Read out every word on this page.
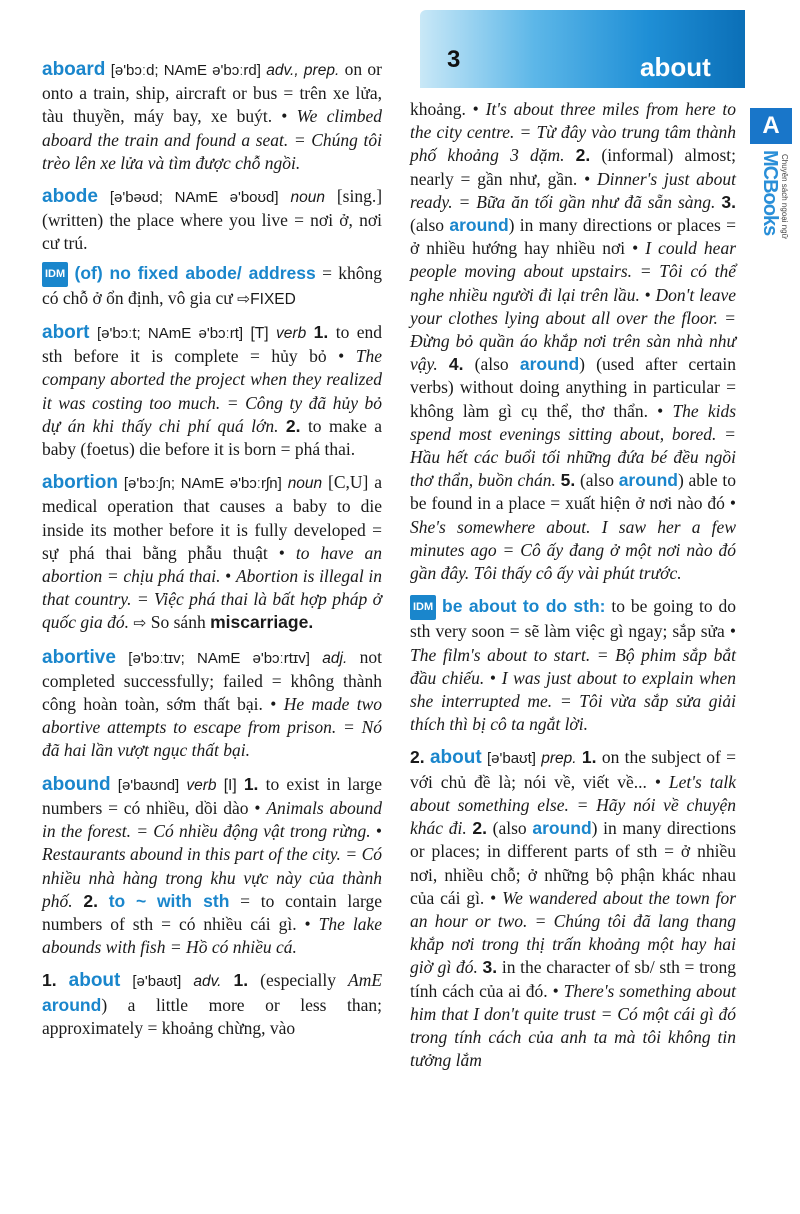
3	about
A
MCBooks Chuyên sách ngoại ngữ

aboard [ə'bɔːd; NAmE ə'bɔːrd] adv., prep. on or onto a train, ship, aircraft or bus = trên xe lửa, tàu thuyền, máy bay, xe buýt. • We climbed aboard the train and found a seat. = Chúng tôi trèo lên xe lửa và tìm được chỗ ngồi.

abode [ə'bəʊd; NAmE ə'boʊd] noun [sing.] (written) the place where you live = nơi ở, nơi cư trú.

IDM (of) no fixed abode/ address = không có chỗ ở ổn định, vô gia cư ⇨FIXED

abort [ə'bɔːt; NAmE ə'bɔːrt] [T] verb 1. to end sth before it is complete = hủy bỏ • The company aborted the project when they realized it was costing too much. = Công ty đã hủy bỏ dự án khi thấy chi phí quá lớn. 2. to make a baby (foetus) die before it is born = phá thai.

abortion [ə'bɔːʃn; NAmE ə'bɔːrʃn] noun [C,U] a medical operation that causes a baby to die inside its mother before it is fully developed = sự phá thai bằng phẫu thuật • to have an abortion = chịu phá thai. • Abortion is illegal in that country. = Việc phá thai là bất hợp pháp ở quốc gia đó. ⇨ So sánh miscarriage.

abortive [ə'bɔːtɪv; NAmE ə'bɔːrtɪv] adj. not completed successfully; failed = không thành công hoàn toàn, sớm thất bại. • He made two abortive attempts to escape from prison. = Nó đã hai lần vượt ngục thất bại.

abound [ə'baʊnd] verb [I] 1. to exist in large numbers = có nhiều, dồi dào • Animals abound in the forest. = Có nhiều động vật trong rừng. • Restaurants abound in this part of the city. = Có nhiều nhà hàng trong khu vực này của thành phố. 2. to ~ with sth = to contain large numbers of sth = có nhiều cái gì. • The lake abounds with fish = Hồ có nhiều cá.

1. about [ə'baʊt] adv. 1. (especially AmE around) a little more or less than; approximately = khoảng chừng, vào

khoảng. • It's about three miles from here to the city centre. = Từ đây vào trung tâm thành phố khoảng 3 dặm. 2. (informal) almost; nearly = gần như, gần. • Dinner's just about ready. = Bữa ăn tối gần như đã sẵn sàng. 3. (also around) in many directions or places = ở nhiều hướng hay nhiều nơi • I could hear people moving about upstairs. = Tôi có thể nghe nhiều người đi lại trên lầu. • Don't leave your clothes lying about all over the floor. = Đừng bỏ quần áo khắp nơi trên sàn nhà như vậy. 4. (also around) (used after certain verbs) without doing anything in particular = không làm gì cụ thể, thơ thẩn. • The kids spend most evenings sitting about, bored. = Hầu hết các buổi tối những đứa bé đều ngồi thơ thẩn, buồn chán. 5. (also around) able to be found in a place = xuất hiện ở nơi nào đó • She's somewhere about. I saw her a few minutes ago = Cô ấy đang ở một nơi nào đó gần đây. Tôi thấy cô ấy vài phút trước.

IDM be about to do sth: to be going to do sth very soon = sẽ làm việc gì ngay; sắp sửa • The film's about to start. = Bộ phim sắp bắt đầu chiếu. • I was just about to explain when she interrupted me. = Tôi vừa sắp sửa giải thích thì bị cô ta ngắt lời.

2. about [ə'baʊt] prep. 1. on the subject of = với chủ đề là; nói về, viết về... • Let's talk about something else. = Hãy nói về chuyện khác đi. 2. (also around) in many directions or places; in different parts of sth = ở nhiều nơi, nhiều chỗ; ở những bộ phận khác nhau của cái gì. • We wandered about the town for an hour or two. = Chúng tôi đã lang thang khắp nơi trong thị trấn khoảng một hay hai giờ gì đó. 3. in the character of sb/ sth = trong tính cách của ai đó. • There's something about him that I don't quite trust = Có một cái gì đó trong tính cách của anh ta mà tôi không tin tưởng lắm
